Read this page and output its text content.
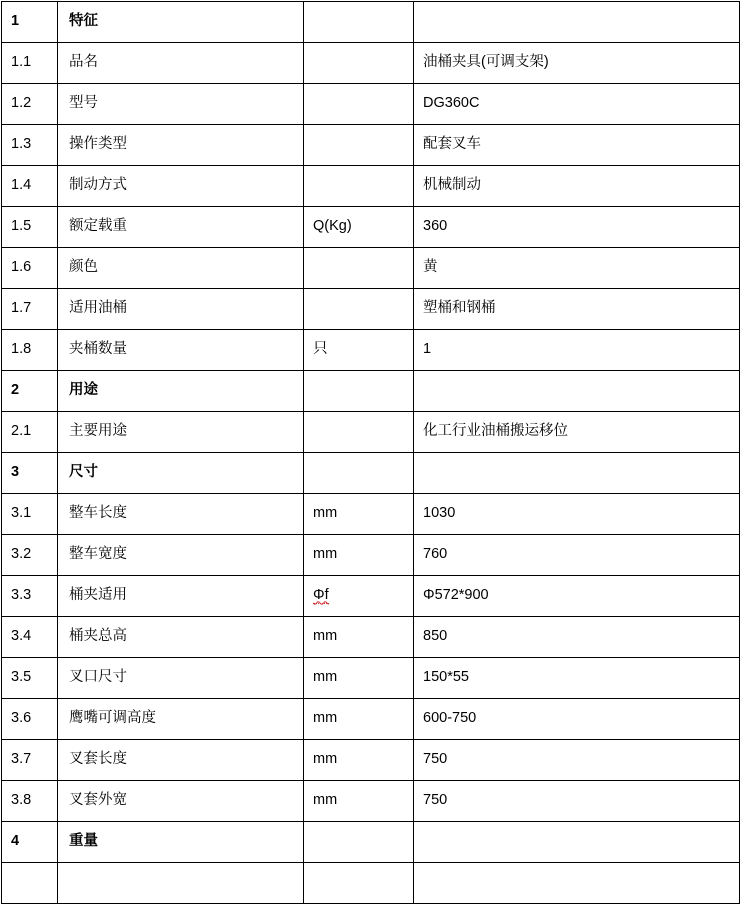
1	特征		
1.1	品名		油桶夹具(可调支架)
1.2	型号		DG360C
1.3	操作类型		配套叉车
1.4	制动方式		机械制动
1.5	额定载重	Q(Kg)	360
1.6	颜色		黄
1.7	适用油桶		塑桶和钢桶
1.8	夹桶数量	只	1
2	用途		
2.1	主要用途		化工行业油桶搬运移位
3	尺寸		
3.1	整车长度	mm	1030
3.2	整车宽度	mm	760
3.3	桶夹适用	Φf	Φ572*900
3.4	桶夹总高	mm	850
3.5	叉口尺寸	mm	150*55
3.6	鹰嘴可调高度	mm	600-750
3.7	叉套长度	mm	750
3.8	叉套外宽	mm	750
4	重量		
